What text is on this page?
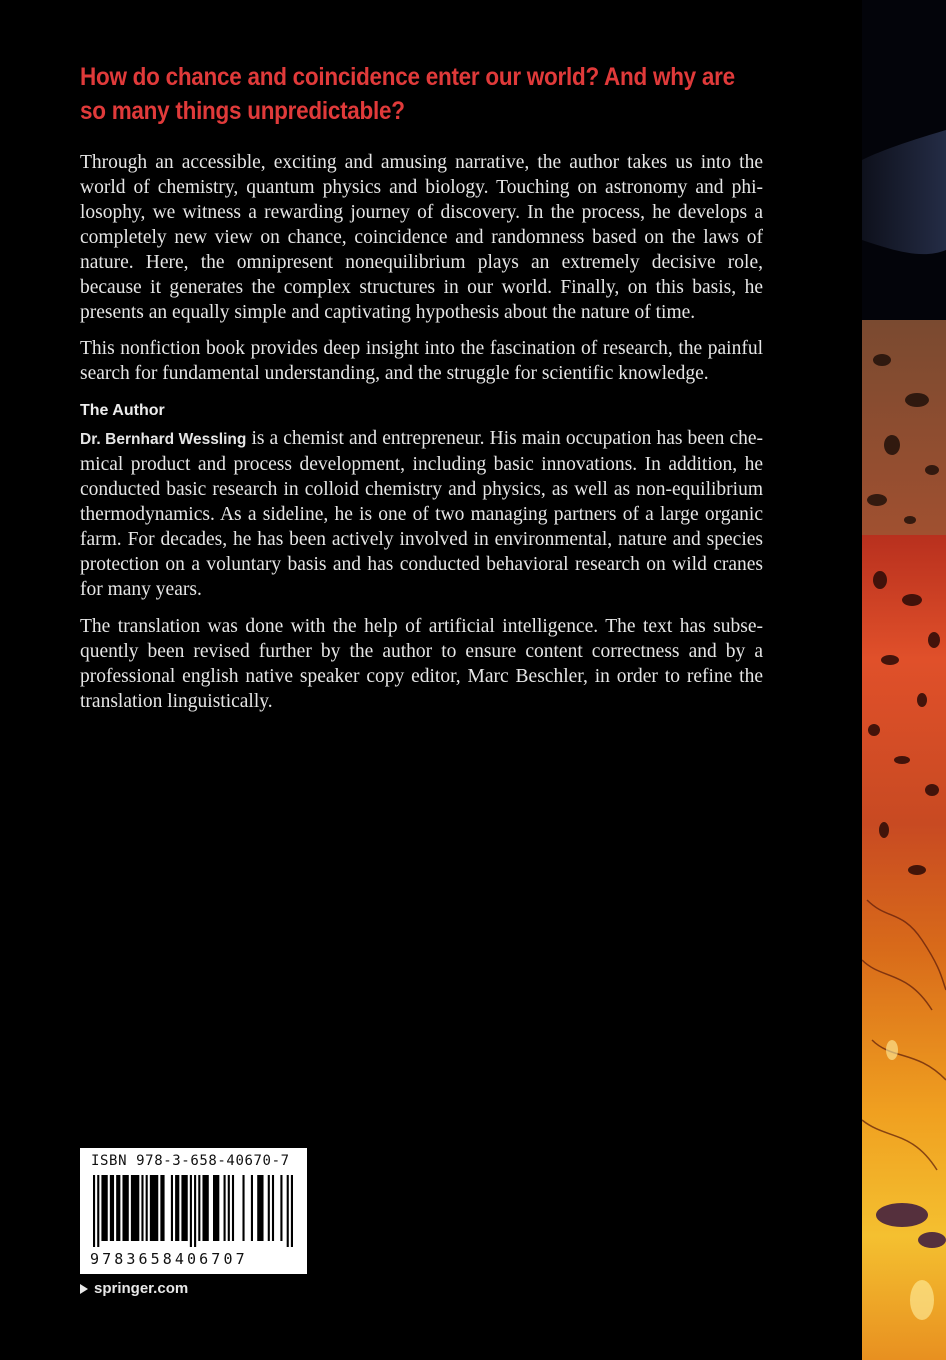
How do chance and coincidence enter our world? And why are so many things unpredictable?

Through an accessible, exciting and amusing narrative, the author takes us into the world of chemistry, quantum physics and biology. Touching on astronomy and philosophy, we witness a rewarding journey of discovery. In the process, he develops a completely new view on chance, coincidence and randomness based on the laws of nature. Here, the omnipresent nonequilibrium plays an extremely decisive role, because it generates the complex structures in our world. Finally, on this basis, he presents an equally simple and captivating hypothesis about the nature of time.

This nonfiction book provides deep insight into the fascination of research, the painful search for fundamental understanding, and the struggle for scientific knowledge.

The Author

Dr. Bernhard Wessling is a chemist and entrepreneur. His main occupation has been chemical product and process development, including basic innovations. In addition, he conducted basic research in colloid chemistry and physics, as well as non-equilibrium thermodynamics. As a sideline, he is one of two managing partners of a large organic farm. For decades, he has been actively involved in environmental, nature and species protection on a voluntary basis and has conducted behavioral research on wild cranes for many years.

The translation was done with the help of artificial intelligence. The text has subsequently been revised further by the author to ensure content correctness and by a professional english native speaker copy editor, Marc Beschler, in order to refine the translation linguistically.

ISBN 978-3-658-40670-7
9783658406707
springer.com
